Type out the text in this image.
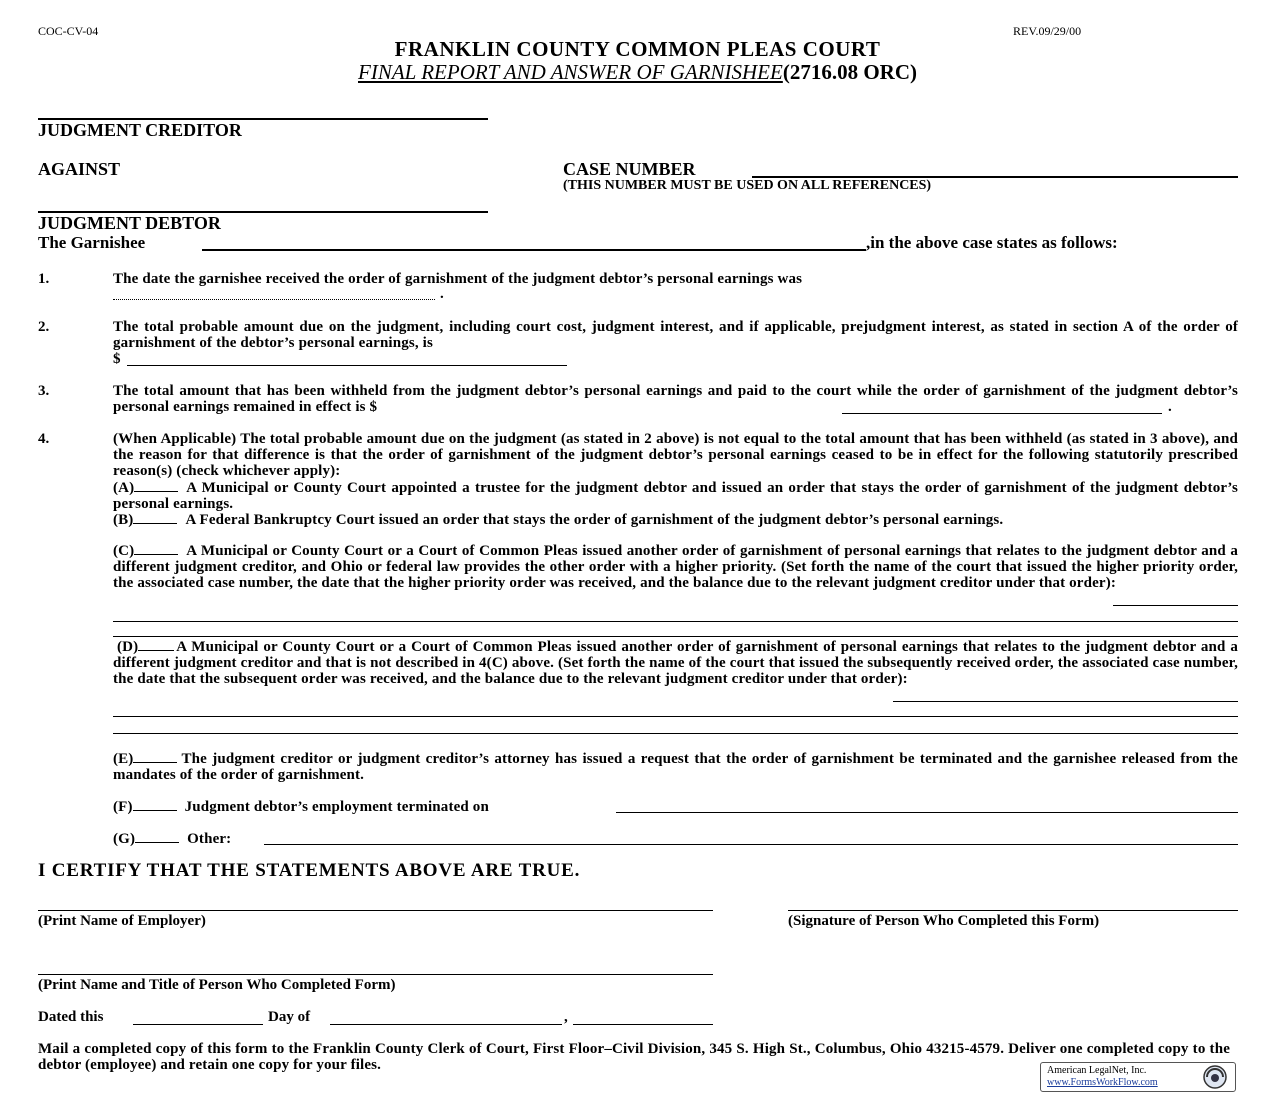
COC-CV-04	REV.09/29/00
FRANKLIN COUNTY COMMON PLEAS COURT
FINAL REPORT AND ANSWER OF GARNISHEE(2716.08 ORC)
JUDGMENT CREDITOR
AGAINST	CASE NUMBER
(THIS NUMBER MUST BE USED ON ALL REFERENCES)
JUDGMENT DEBTOR
The Garnishee	,in the above case states as follows:
1.	The date the garnishee received the order of garnishment of the judgment debtor’s personal earnings was
.
2.	The total probable amount due on the judgment, including court cost, judgment interest, and if applicable, prejudgment interest, as stated in section A of the order of garnishment of the debtor’s personal earnings, is
$
3.	The total amount that has been withheld from the judgment debtor’s personal earnings and paid to the court while the order of garnishment of the judgment debtor’s personal earnings remained in effect is $	.
4.	(When Applicable) The total probable amount due on the judgment (as stated in 2 above) is not equal to the total amount that has been withheld (as stated in 3 above), and the reason for that difference is that the order of garnishment of the judgment debtor’s personal earnings ceased to be in effect for the following statutorily prescribed reason(s) (check whichever apply):
(A)	A Municipal or County Court appointed a trustee for the judgment debtor and issued an order that stays the order of garnishment of the judgment debtor’s personal earnings.
(B)	A Federal Bankruptcy Court issued an order that stays the order of garnishment of the judgment debtor’s personal earnings.
(C)	A Municipal or County Court or a Court of Common Pleas issued another order of garnishment of personal earnings that relates to the judgment debtor and a different judgment creditor, and Ohio or federal law provides the other order with a higher priority. (Set forth the name of the court that issued the higher priority order, the associated case number, the date that the higher priority order was received, and the balance due to the relevant judgment creditor under that order):
(D)	A Municipal or County Court or a Court of Common Pleas issued another order of garnishment of personal earnings that relates to the judgment debtor and a different judgment creditor and that is not described in 4(C) above. (Set forth the name of the court that issued the subsequently received order, the associated case number, the date that the subsequent order was received, and the balance due to the relevant judgment creditor under that order):
(E)	The judgment creditor or judgment creditor’s attorney has issued a request that the order of garnishment be terminated and the garnishee released from the mandates of the order of garnishment.
(F)	Judgment debtor’s employment terminated on
(G)	Other:
I CERTIFY THAT THE STATEMENTS ABOVE ARE TRUE.
(Print Name of Employer)	(Signature of Person Who Completed this Form)
(Print Name and Title of Person Who Completed Form)
Dated this	Day of	,
Mail a completed copy of this form to the Franklin County Clerk of Court, First Floor–Civil Division, 345 S. High St., Columbus, Ohio 43215-4579. Deliver one completed copy to the debtor (employee) and retain one copy for your files.	American LegalNet, Inc.
www.FormsWorkFlow.com
